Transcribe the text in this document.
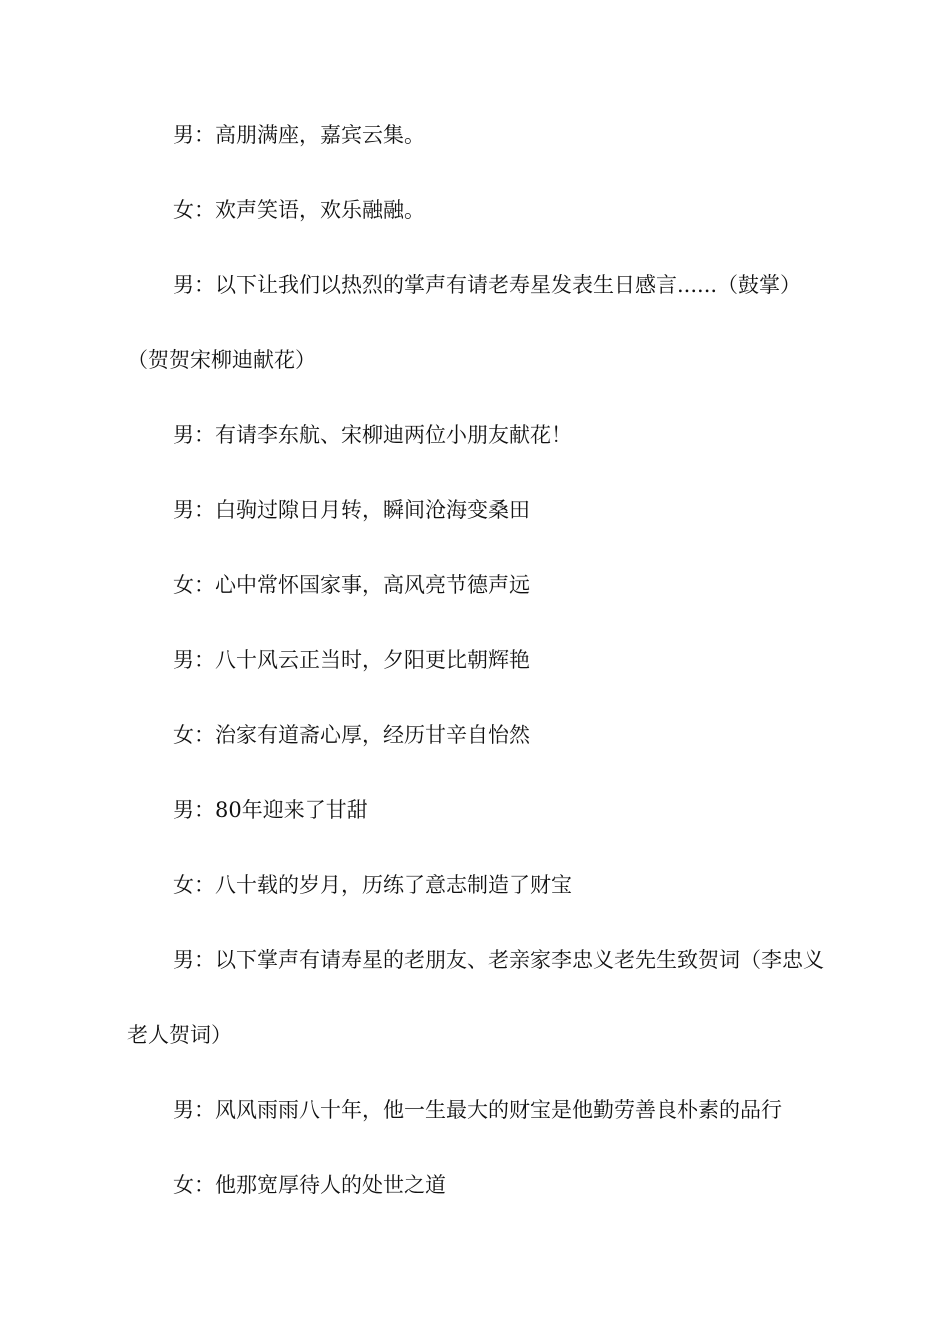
男：高朋满座，嘉宾云集。

女：欢声笑语，欢乐融融。

男：以下让我们以热烈的掌声有请老寿星发表生日感言......（鼓掌）（贺贺宋柳迪献花）

男：有请李东航、宋柳迪两位小朋友献花！

男：白驹过隙日月转，瞬间沧海变桑田

女：心中常怀国家事，高风亮节德声远

男：八十风云正当时，夕阳更比朝辉艳

女：治家有道斋心厚，经历甘辛自怡然

男：80年迎来了甘甜

女：八十载的岁月，历练了意志制造了财宝

男：以下掌声有请寿星的老朋友、老亲家李忠义老先生致贺词（李忠义老人贺词）

男：风风雨雨八十年，他一生最大的财宝是他勤劳善良朴素的品行

女：他那宽厚待人的处世之道
